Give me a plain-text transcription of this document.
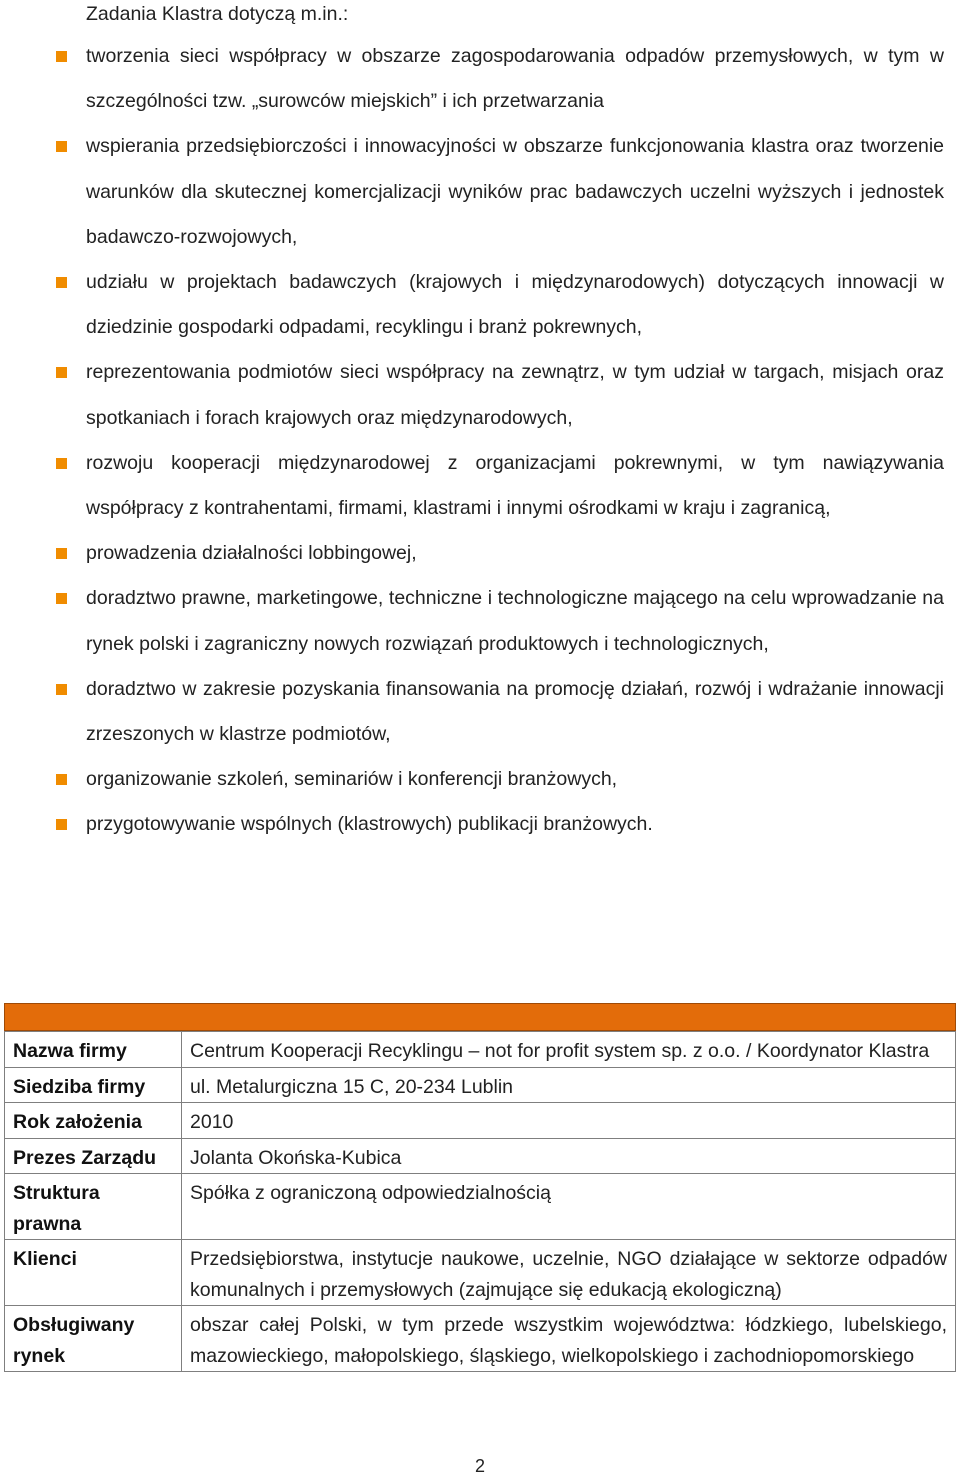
Zadania Klastra dotyczą m.in.:
tworzenia sieci współpracy w obszarze zagospodarowania odpadów przemysłowych, w tym w szczególności tzw. „surowców miejskich” i ich przetwarzania
wspierania przedsiębiorczości i innowacyjności w obszarze funkcjonowania klastra oraz tworzenie warunków dla skutecznej komercjalizacji wyników prac badawczych uczelni wyższych i jednostek badawczo-rozwojowych,
udziału w projektach badawczych (krajowych i międzynarodowych) dotyczących innowacji w dziedzinie gospodarki odpadami, recyklingu i branż pokrewnych,
reprezentowania podmiotów sieci współpracy na zewnątrz, w tym udział w targach, misjach oraz spotkaniach i forach krajowych oraz międzynarodowych,
rozwoju kooperacji międzynarodowej z organizacjami pokrewnymi, w tym nawiązywania współpracy z kontrahentami, firmami, klastrami i innymi ośrodkami w kraju i zagranicą,
prowadzenia działalności lobbingowej,
doradztwo prawne, marketingowe, techniczne i technologiczne mającego na celu wprowadzanie na rynek polski i zagraniczny nowych rozwiązań produktowych i technologicznych,
doradztwo w zakresie pozyskania finansowania na promocję działań, rozwój i wdrażanie innowacji zrzeszonych w klastrze podmiotów,
organizowanie szkoleń, seminariów i konferencji branżowych,
przygotowywanie wspólnych (klastrowych) publikacji branżowych.
Nazwa firmy	Centrum Kooperacji Recyklingu – not for profit system sp. z o.o. / Koordynator Klastra
Siedziba firmy	ul. Metalurgiczna 15 C, 20-234 Lublin
Rok założenia	2010
Prezes Zarządu	Jolanta Okońska-Kubica
Struktura prawna	Spółka z ograniczoną odpowiedzialnością
Klienci	Przedsiębiorstwa, instytucje naukowe, uczelnie, NGO działające w sektorze odpadów komunalnych i przemysłowych (zajmujące się edukacją ekologiczną)
Obsługiwany rynek	obszar całej Polski, w tym przede wszystkim województwa: łódzkiego, lubelskiego, mazowieckiego, małopolskiego, śląskiego, wielkopolskiego i zachodniopomorskiego
2
